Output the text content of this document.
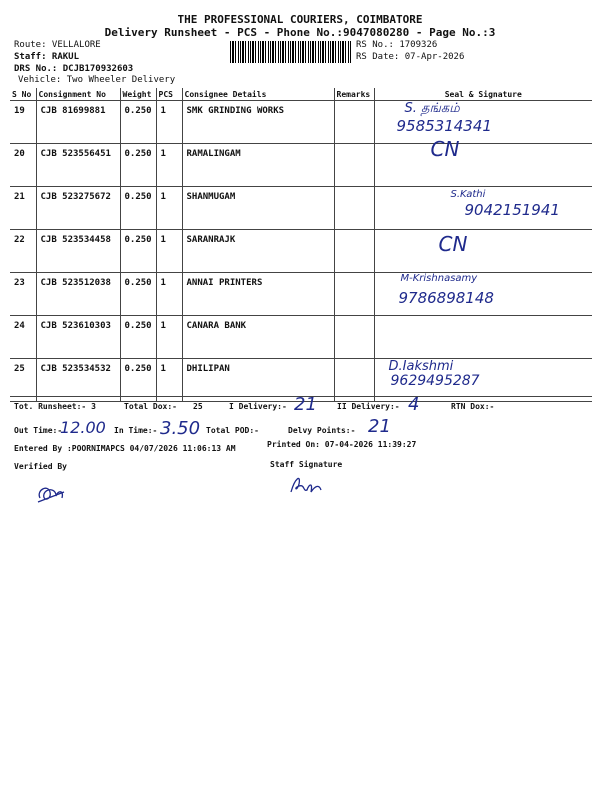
THE PROFESSIONAL COURIERS, COIMBATORE
Delivery Runsheet - PCS - Phone No.:9047080280 - Page No.:3
Route: VELLALORE
Staff: RAKUL
DRS No.: DCJB170932603
Vehicle: Two Wheeler Delivery
RS No.: 1709326
RS Date: 07-Apr-2026
S No	Consignment No	Weight	PCS	Consignee Details	Remarks	Seal & Signature
19	CJB 81699881	0.250	1	SMK GRINDING WORKS		S. தங்கம்
9585314341
CN

20	CJB 523556451	0.250	1	RAMALINGAM		
21	CJB 523275672	0.250	1	SHANMUGAM		S.Kathi
9042151941

22	CJB 523534458	0.250	1	SARANRAJK		CN

23	CJB 523512038	0.250	1	ANNAI PRINTERS		M-Krishnasamy
9786898148

24	CJB 523610303	0.250	1	CANARA BANK		
25	CJB 523534532	0.250	1	DHILIPAN		D.Iakshmi
9629495287
Tot. Runsheet:- 3	Total Dox:- 25	I Delivery:- 21	II Delivery:- 4	RTN Dox:-
Out Time:-
12.00 In Time:- 3.50 Total POD:-	Delvy Points:- 21
Entered By :POORNIMAPCS 04/07/2026 11:06:13 AM	Printed On: 07-04-2026 11:39:27
Verified By	Staff Signature
